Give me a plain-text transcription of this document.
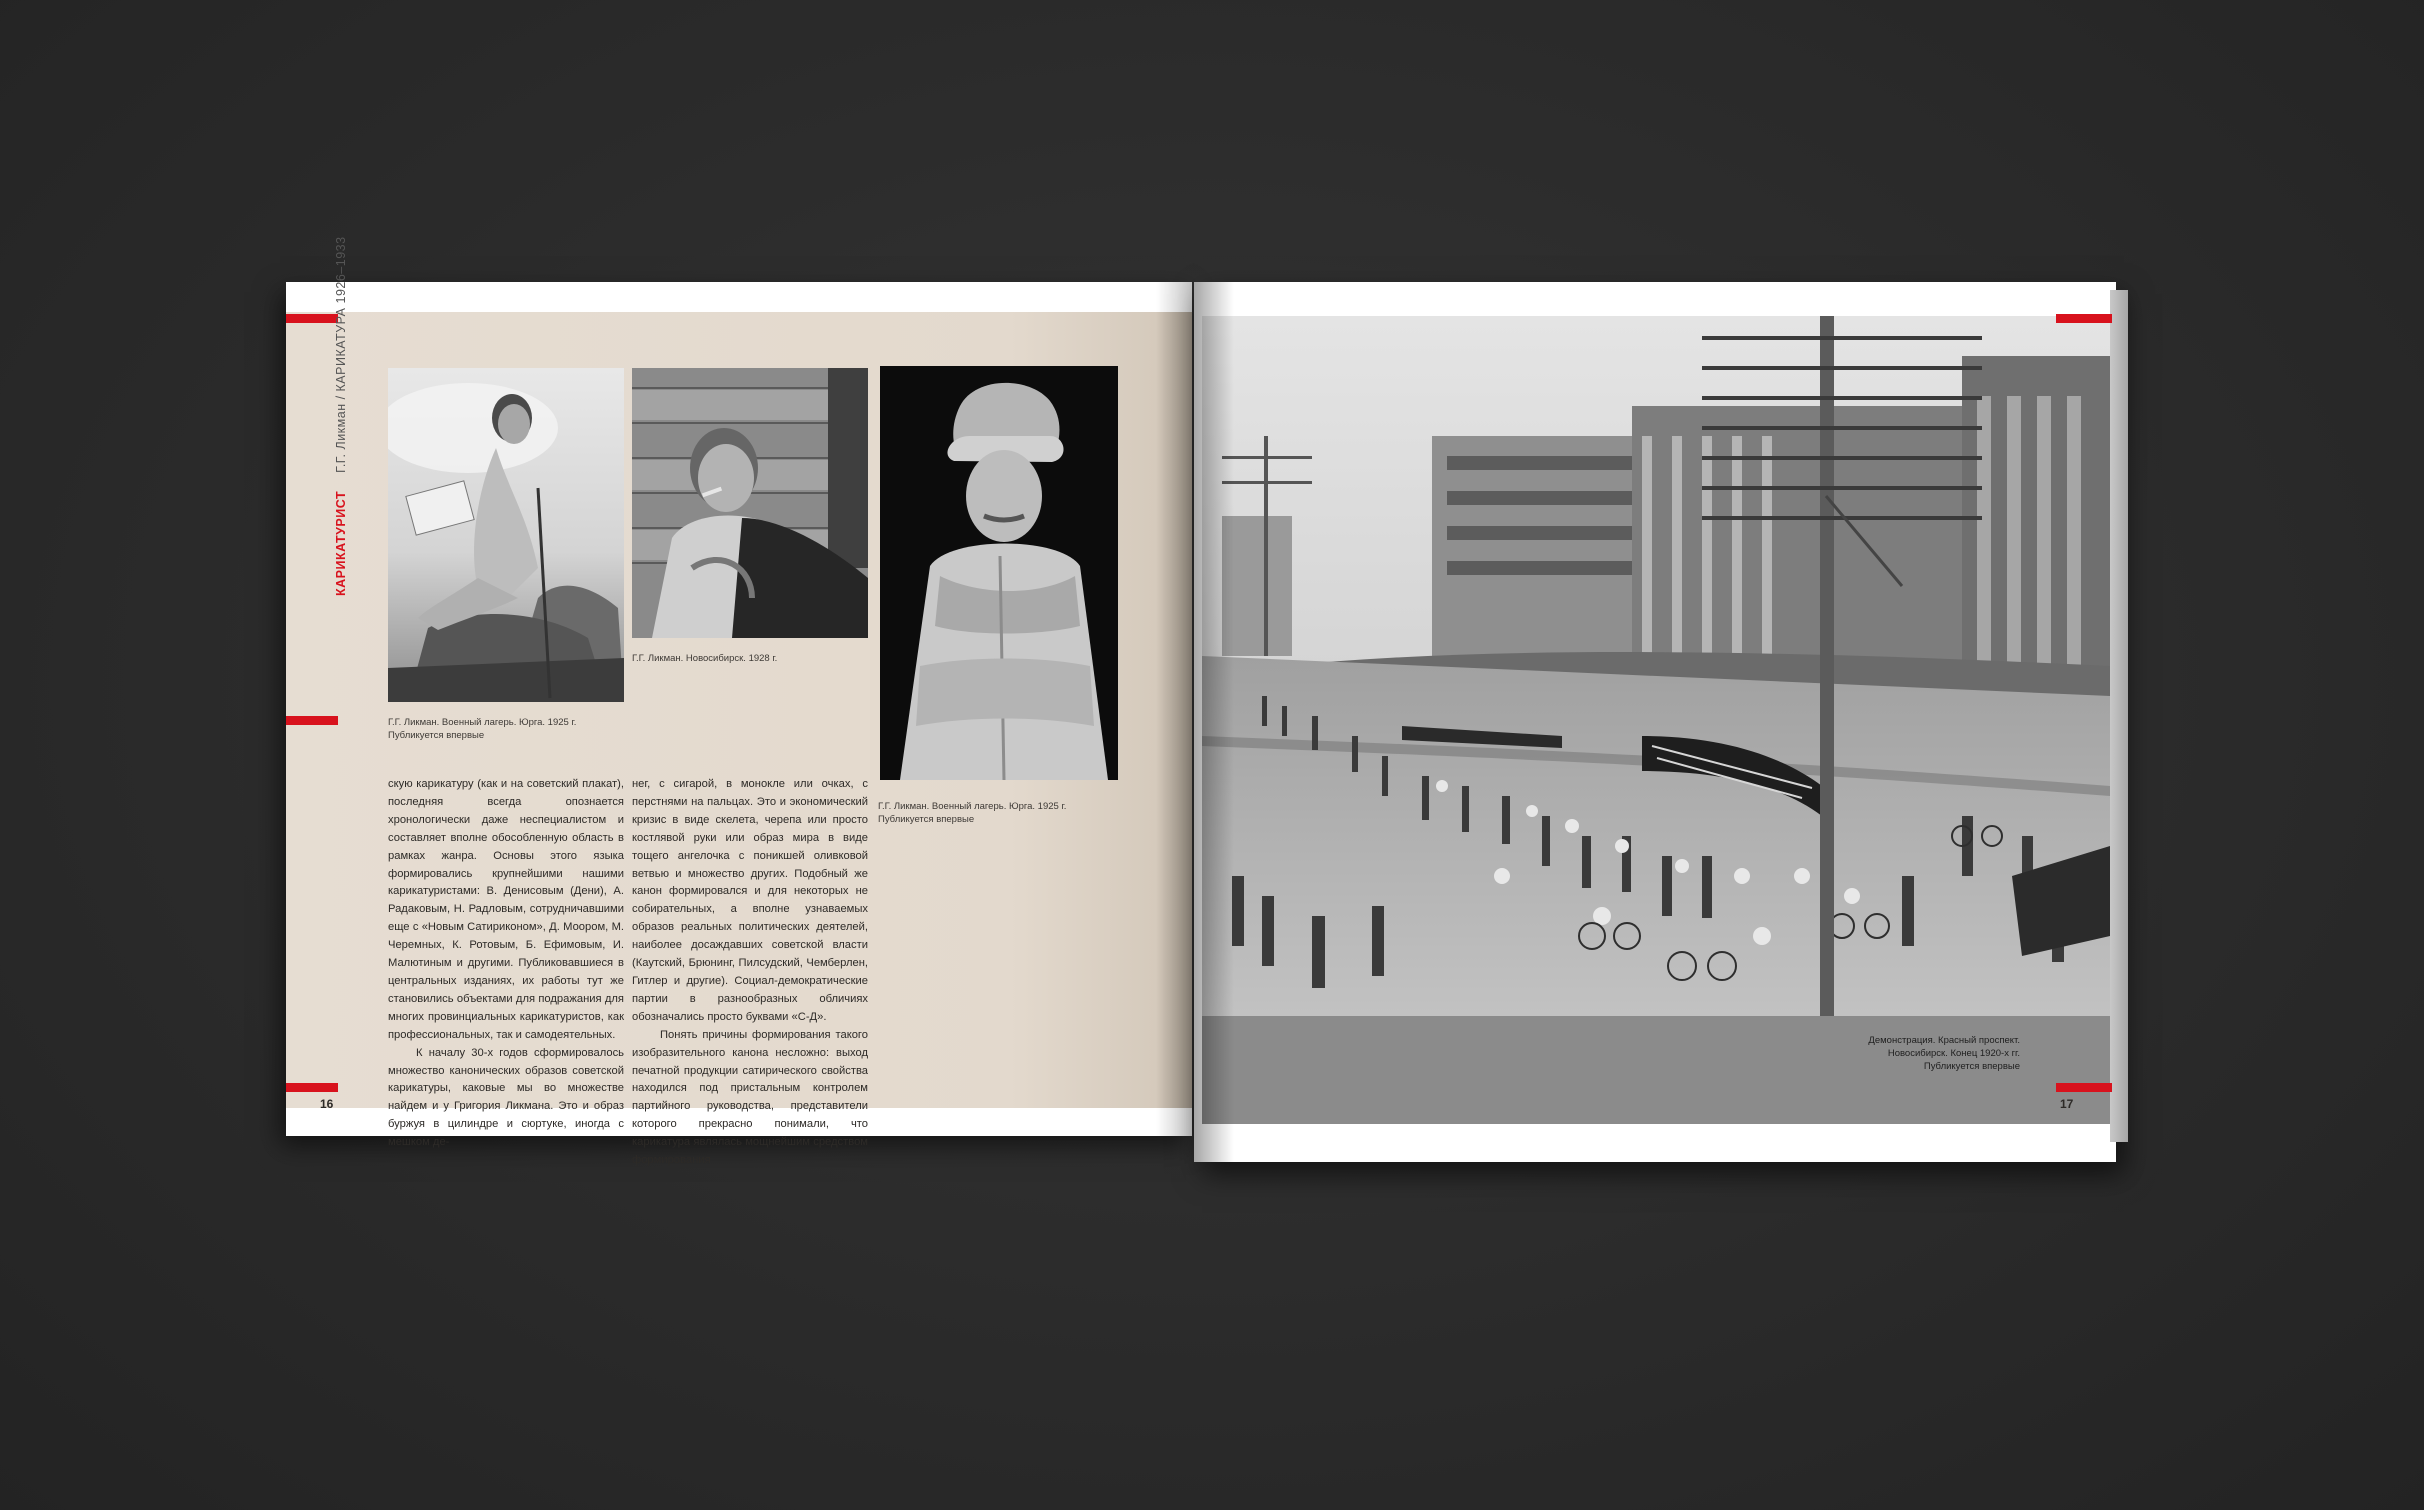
КАРИКАТУРИСТ Г.Г. Ликман / КАРИКАТУРА 1926–1933
Г.Г. Ликман. Военный лагерь. Юрга. 1925 г.
Публикуется впервые
Г.Г. Ликман. Новосибирск. 1928 г.
Г.Г. Ликман. Военный лагерь. Юрга. 1925 г.
Публикуется впервые

скую карикатуру (как и на советский плакат), последняя всегда опознается хронологически даже неспециалистом и составляет вполне обособленную область в рамках жанра. Основы этого языка формировались крупнейшими нашими карикатуристами: В. Денисовым (Дени), А. Радаковым, Н. Радловым, сотрудничавшими еще с «Новым Сатириконом», Д. Моором, М. Черемных, К. Ротовым, Б. Ефимовым, И. Малютиным и другими. Публиковавшиеся в центральных изданиях, их работы тут же становились объектами для подражания для многих провинциальных карикатуристов, как профессиональных, так и самодеятельных.

К началу 30-х годов сформировалось множество канонических образов советской карикатуры, каковые мы во множестве найдем и у Григория Ликмана. Это и образ буржуя в цилиндре и сюртуке, иногда с мешком де-

нег, с сигарой, в монокле или очках, с перстнями на пальцах. Это и экономический кризис в виде скелета, черепа или просто костлявой руки или образ мира в виде тощего ангелочка с поникшей оливковой ветвью и множество других. Подобный же канон формировался и для некоторых не собирательных, а вполне узнаваемых образов реальных политических деятелей, наиболее досаждавших советской власти (Каутский, Брюнинг, Пилсудский, Чемберлен, Гитлер и другие). Социал-демократические партии в разнообразных обличиях обозначались просто буквами «С-Д».

Понять причины формирования такого изобразительного канона несложно: выход печатной продукции сатирического свойства находился под пристальным контролем партийного руководства, представители которого прекрасно понимали, что карикатура являлась мощнейшим средством формирования

16
Демонстрация. Красный проспект.
Новосибирск. Конец 1920-х гг.
Публикуется впервые
17
